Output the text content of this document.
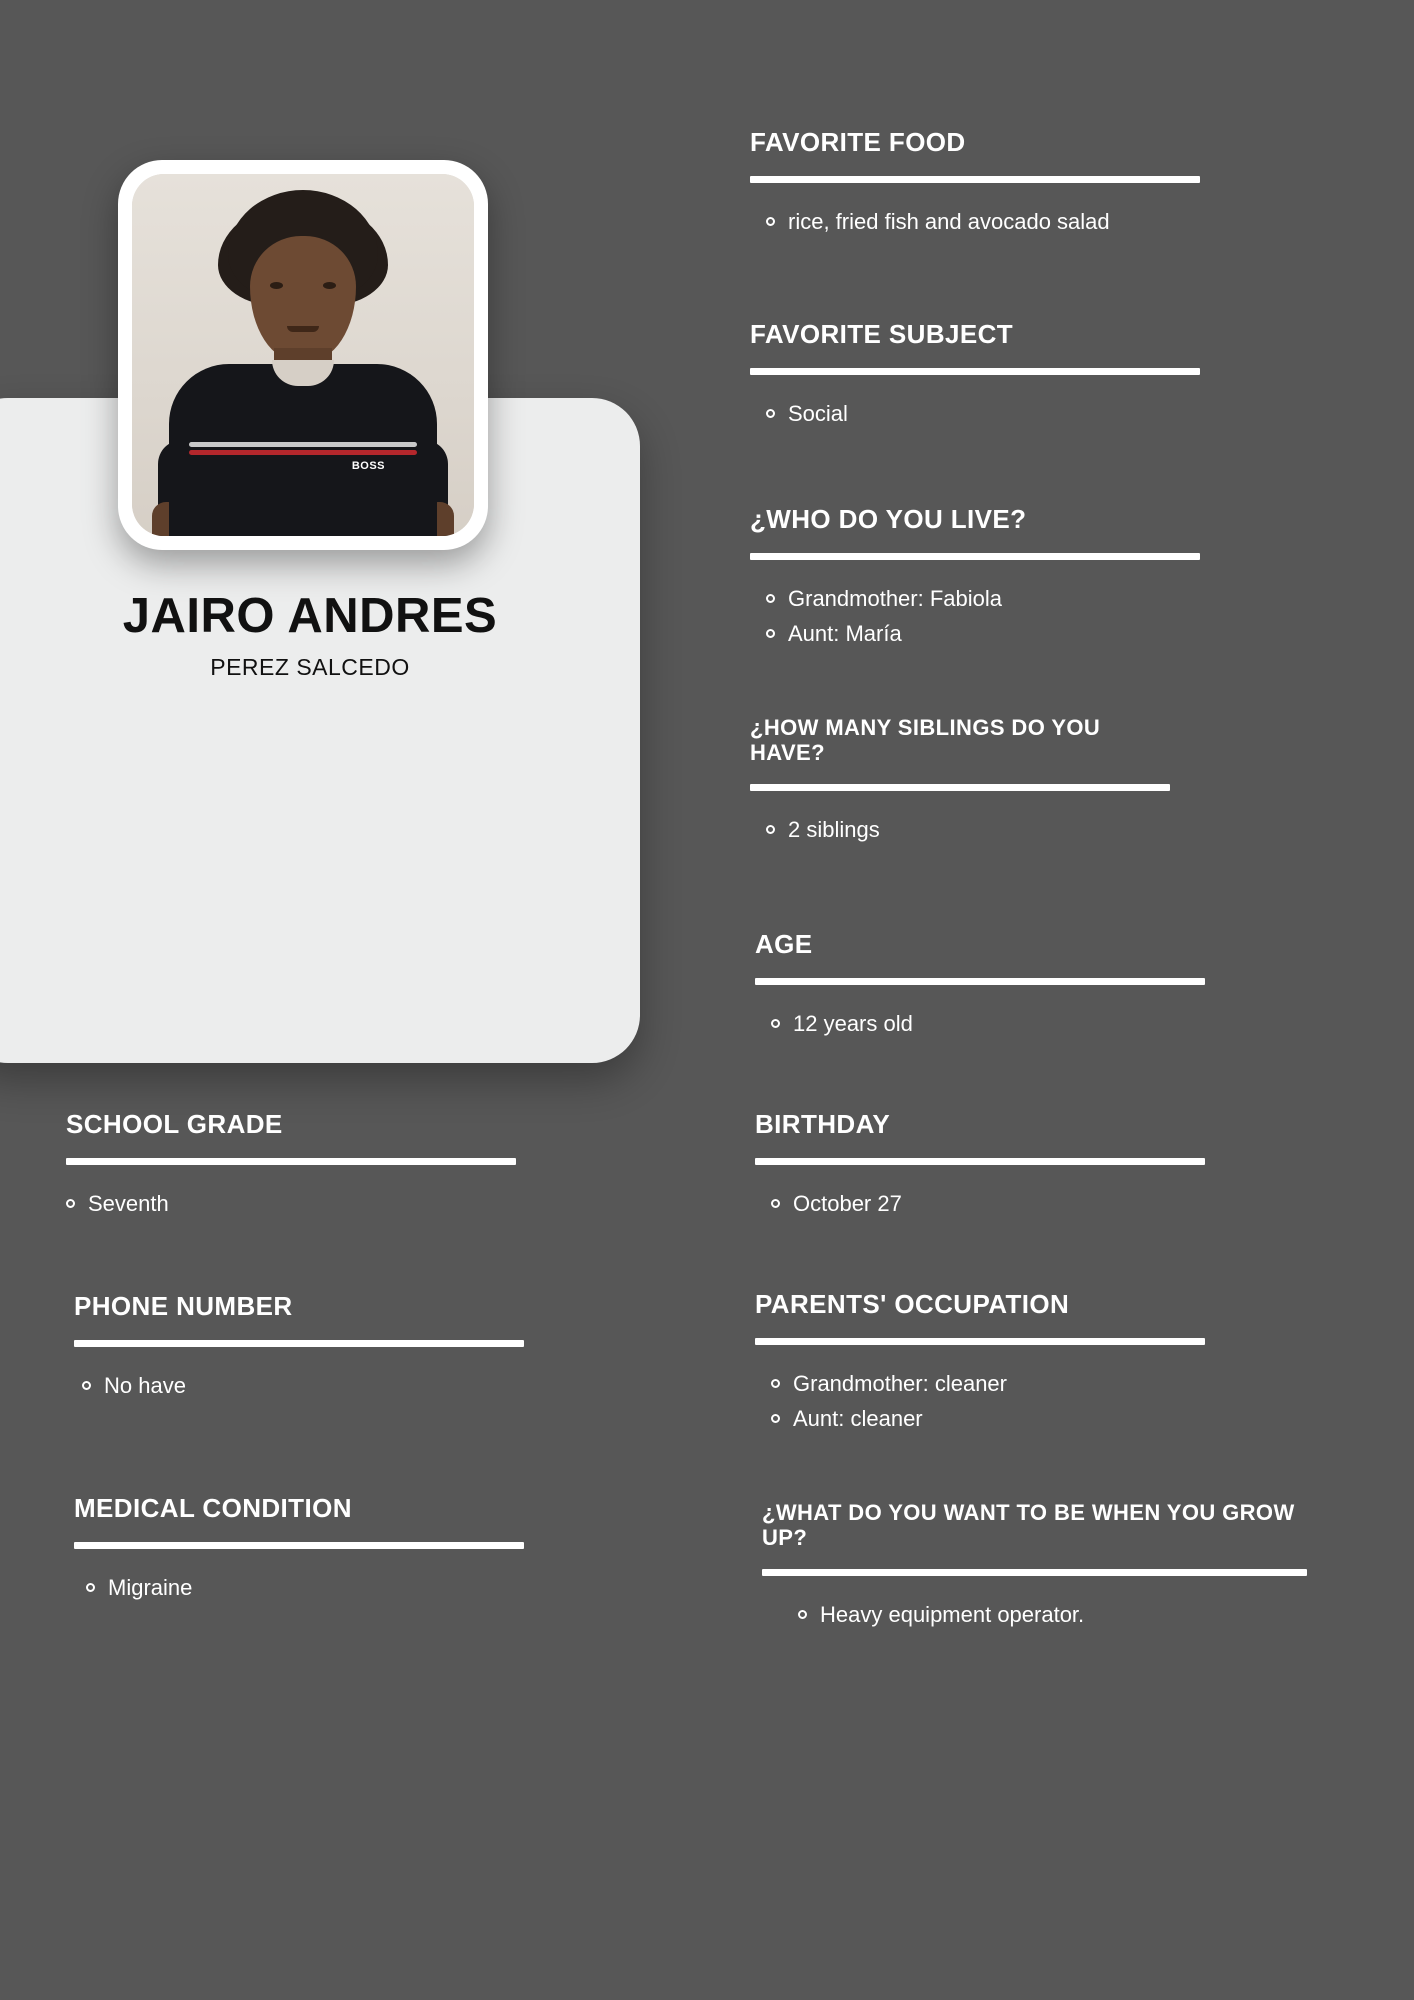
BOSS
JAIRO ANDRES
PEREZ SALCEDO
FAVORITE FOOD
rice, fried fish and avocado salad
FAVORITE SUBJECT
Social
¿WHO DO YOU LIVE?
Grandmother: Fabiola
Aunt: María
¿HOW MANY SIBLINGS DO YOU HAVE?
2 siblings
AGE
12 years old
BIRTHDAY
October 27
PARENTS' OCCUPATION
Grandmother: cleaner
Aunt: cleaner
¿WHAT DO YOU WANT TO BE WHEN YOU GROW UP?
Heavy equipment operator.
SCHOOL GRADE
Seventh
PHONE NUMBER
No have
MEDICAL CONDITION
Migraine
